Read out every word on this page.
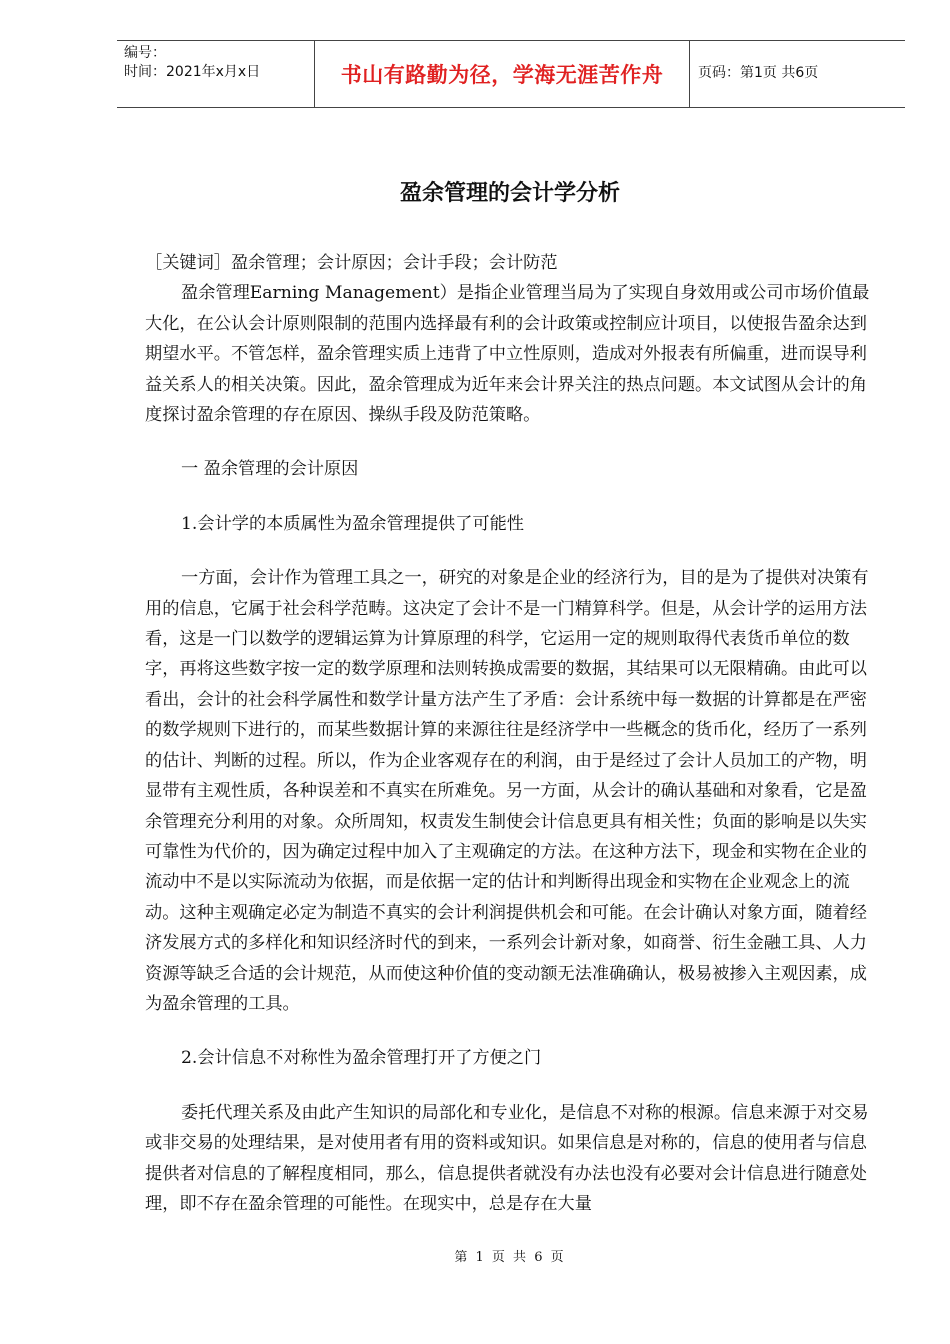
编号：
时间：2021年x月x日	书山有路勤为径，学海无涯苦作舟	页码：第1页 共6页
盈余管理的会计学分析

［关键词］盈余管理；会计原因；会计手段；会计防范

盈余管理Earning Management）是指企业管理当局为了实现自身效用或公司市场价值最大化，在公认会计原则限制的范围内选择最有利的会计政策或控制应计项目，以使报告盈余达到期望水平。不管怎样，盈余管理实质上违背了中立性原则，造成对外报表有所偏重，进而误导利益关系人的相关决策。因此，盈余管理成为近年来会计界关注的热点问题。本文试图从会计的角度探讨盈余管理的存在原因、操纵手段及防范策略。

一 盈余管理的会计原因

1.会计学的本质属性为盈余管理提供了可能性

一方面，会计作为管理工具之一，研究的对象是企业的经济行为，目的是为了提供对决策有用的信息，它属于社会科学范畴。这决定了会计不是一门精算科学。但是，从会计学的运用方法看，这是一门以数学的逻辑运算为计算原理的科学，它运用一定的规则取得代表货币单位的数字，再将这些数字按一定的数学原理和法则转换成需要的数据，其结果可以无限精确。由此可以看出，会计的社会科学属性和数学计量方法产生了矛盾：会计系统中每一数据的计算都是在严密的数学规则下进行的，而某些数据计算的来源往往是经济学中一些概念的货币化，经历了一系列的估计、判断的过程。所以，作为企业客观存在的利润，由于是经过了会计人员加工的产物，明显带有主观性质，各种误差和不真实在所难免。另一方面，从会计的确认基础和对象看，它是盈余管理充分利用的对象。众所周知，权责发生制使会计信息更具有相关性；负面的影响是以失实可靠性为代价的，因为确定过程中加入了主观确定的方法。在这种方法下，现金和实物在企业的流动中不是以实际流动为依据，而是依据一定的估计和判断得出现金和实物在企业观念上的流动。这种主观确定必定为制造不真实的会计利润提供机会和可能。在会计确认对象方面，随着经济发展方式的多样化和知识经济时代的到来，一系列会计新对象，如商誉、衍生金融工具、人力资源等缺乏合适的会计规范，从而使这种价值的变动额无法准确确认，极易被掺入主观因素，成为盈余管理的工具。

2.会计信息不对称性为盈余管理打开了方便之门

委托代理关系及由此产生知识的局部化和专业化，是信息不对称的根源。信息来源于对交易或非交易的处理结果，是对使用者有用的资料或知识。如果信息是对称的，信息的使用者与信息提供者对信息的了解程度相同，那么，信息提供者就没有办法也没有必要对会计信息进行随意处理，即不存在盈余管理的可能性。在现实中，总是存在大量

第 1 页 共 6 页
